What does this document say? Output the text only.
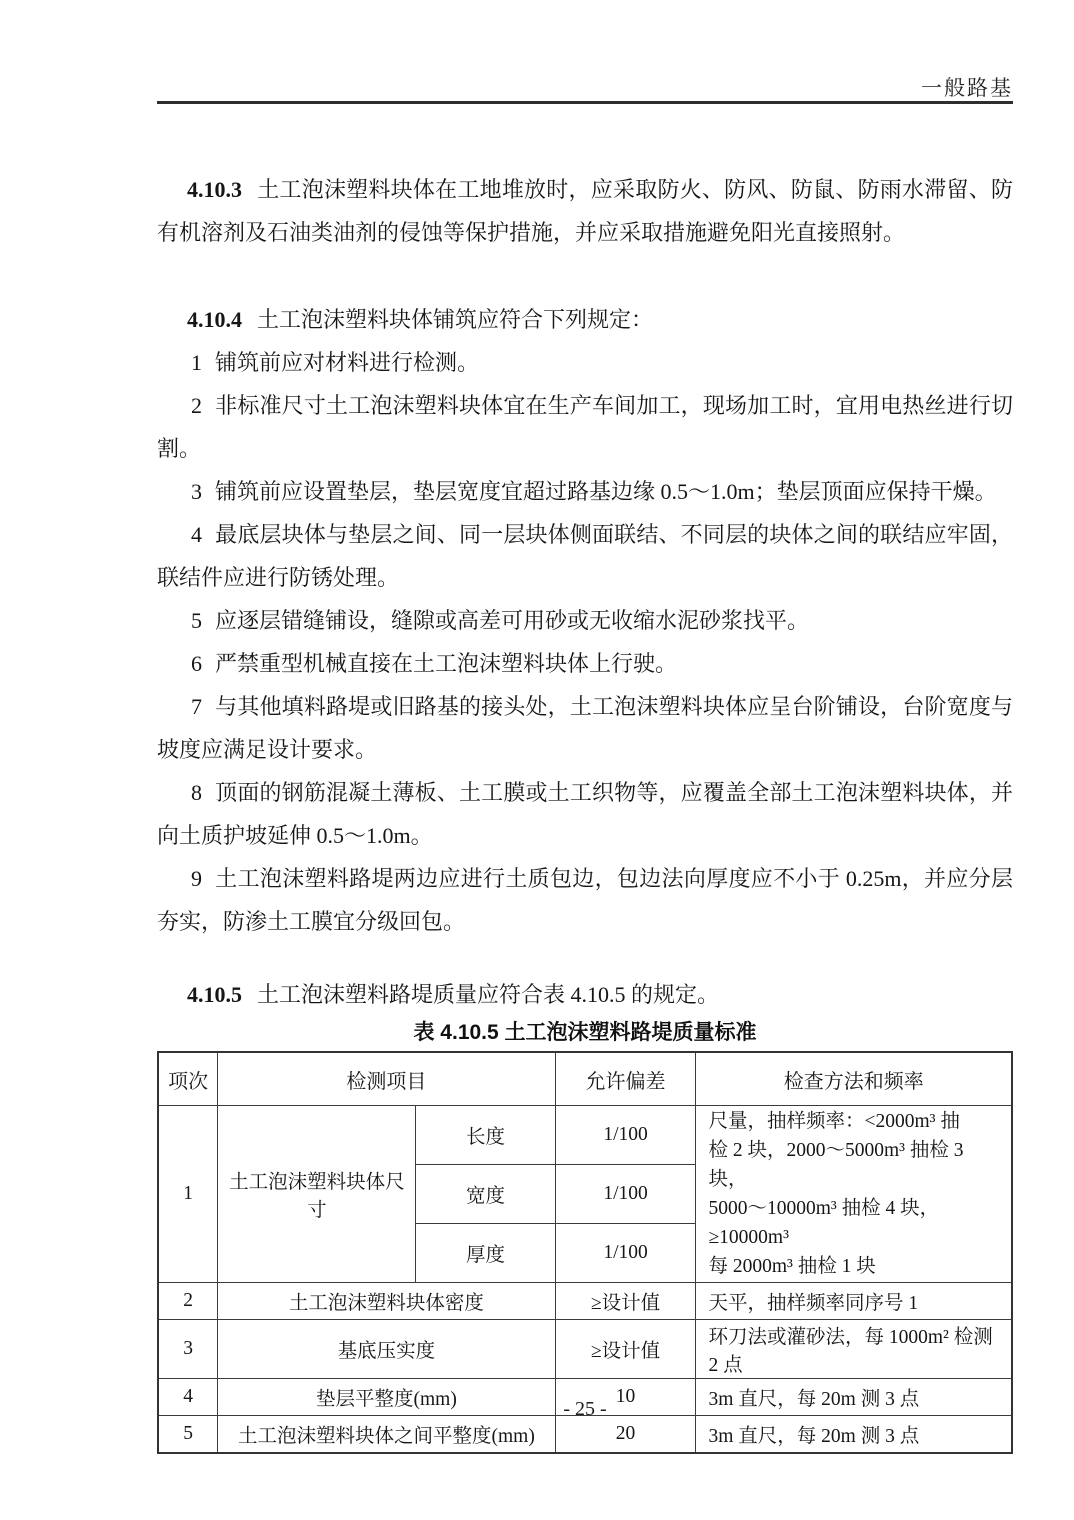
一般路基

4.10.3 土工泡沫塑料块体在工地堆放时，应采取防火、防风、防鼠、防雨水滞留、防有机溶剂及石油类油剂的侵蚀等保护措施，并应采取措施避免阳光直接照射。

4.10.4 土工泡沫塑料块体铺筑应符合下列规定：

1 铺筑前应对材料进行检测。

2 非标准尺寸土工泡沫塑料块体宜在生产车间加工，现场加工时，宜用电热丝进行切割。

3 铺筑前应设置垫层，垫层宽度宜超过路基边缘 0.5～1.0m；垫层顶面应保持干燥。

4 最底层块体与垫层之间、同一层块体侧面联结、不同层的块体之间的联结应牢固，联结件应进行防锈处理。

5 应逐层错缝铺设，缝隙或高差可用砂或无收缩水泥砂浆找平。

6 严禁重型机械直接在土工泡沫塑料块体上行驶。

7 与其他填料路堤或旧路基的接头处，土工泡沫塑料块体应呈台阶铺设，台阶宽度与坡度应满足设计要求。

8 顶面的钢筋混凝土薄板、土工膜或土工织物等，应覆盖全部土工泡沫塑料块体，并向土质护坡延伸 0.5～1.0m。

9 土工泡沫塑料路堤两边应进行土质包边，包边法向厚度应不小于 0.25m，并应分层夯实，防渗土工膜宜分级回包。

4.10.5 土工泡沫塑料路堤质量应符合表 4.10.5 的规定。

表 4.10.5 土工泡沫塑料路堤质量标准
项次	检测项目		允许偏差	检查方法和频率
1	土工泡沫塑料块体尺寸	长度	1/100	尺量，抽样频率：<2000m³ 抽
检 2 块，2000～5000m³ 抽检 3 块，
5000～10000m³ 抽检 4 块，≥10000m³
每 2000m³ 抽检 1 块

		宽度	1/100	
		厚度	1/100	
2	土工泡沫塑料块体密度		≥设计值	天平，抽样频率同序号 1
3	基底压实度		≥设计值	环刀法或灌砂法，每 1000m² 检测 2 点
4	垫层平整度(mm)		10	3m 直尺，每 20m 测 3 点
5	土工泡沫塑料块体之间平整度(mm)		20	3m 直尺，每 20m 测 3 点
- 25 -
